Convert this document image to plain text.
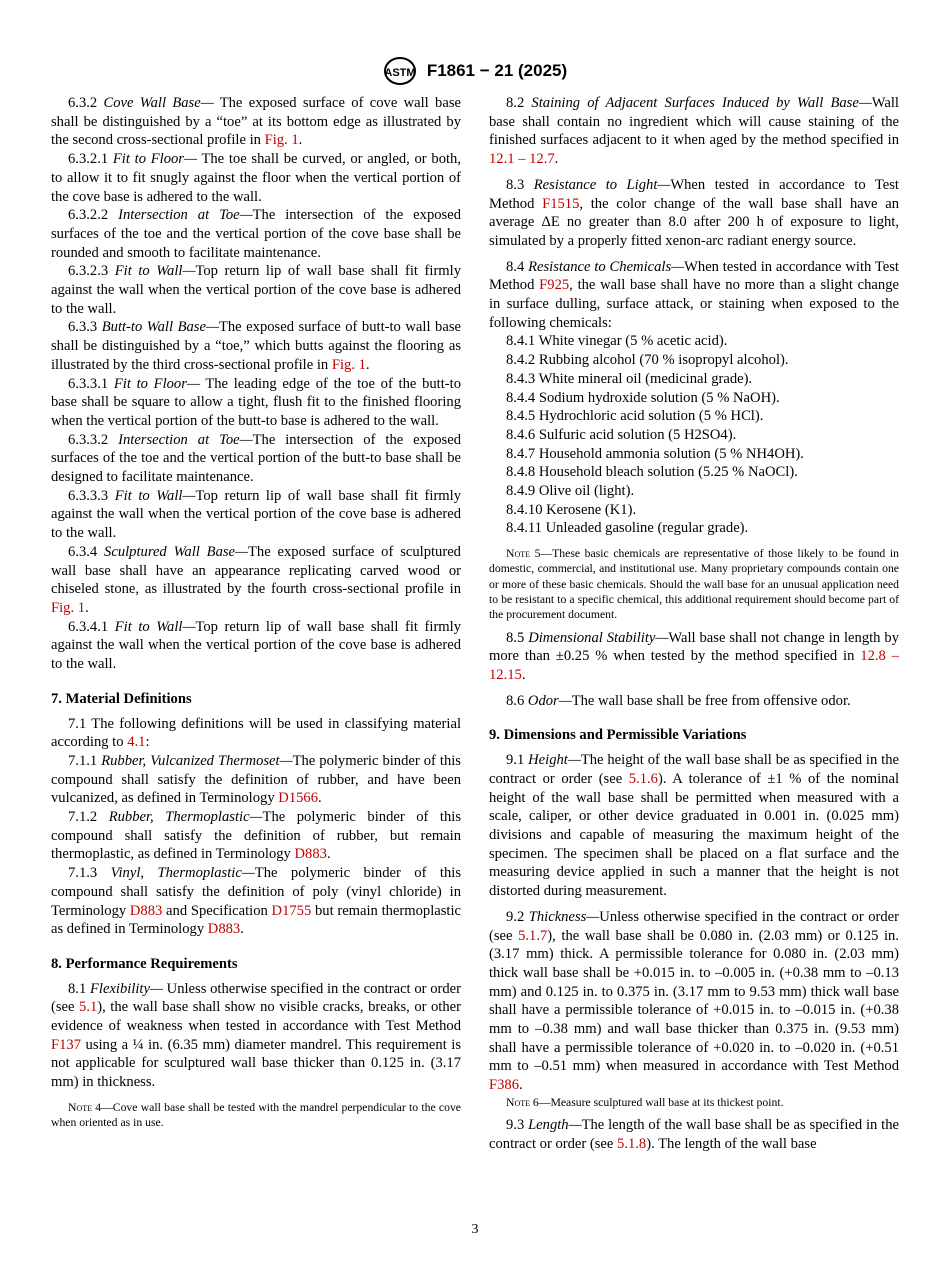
ASTM F1861 − 21 (2025)

6.3.2 Cove Wall Base— The exposed surface of cove wall base shall be distinguished by a “toe” at its bottom edge as illustrated by the second cross-sectional profile in Fig. 1.

6.3.2.1 Fit to Floor— The toe shall be curved, or angled, or both, to allow it to fit snugly against the floor when the vertical portion of the cove base is adhered to the wall.

6.3.2.2 Intersection at Toe—The intersection of the exposed surfaces of the toe and the vertical portion of the cove base shall be rounded and smooth to facilitate maintenance.

6.3.2.3 Fit to Wall—Top return lip of wall base shall fit firmly against the wall when the vertical portion of the cove base is adhered to the wall.

6.3.3 Butt-to Wall Base—The exposed surface of butt-to wall base shall be distinguished by a “toe,” which butts against the flooring as illustrated by the third cross-sectional profile in Fig. 1.

6.3.3.1 Fit to Floor— The leading edge of the toe of the butt-to base shall be square to allow a tight, flush fit to the finished flooring when the vertical portion of the butt-to base is adhered to the wall.

6.3.3.2 Intersection at Toe—The intersection of the exposed surfaces of the toe and the vertical portion of the butt-to base shall be designed to facilitate maintenance.

6.3.3.3 Fit to Wall—Top return lip of wall base shall fit firmly against the wall when the vertical portion of the cove base is adhered to the wall.

6.3.4 Sculptured Wall Base—The exposed surface of sculptured wall base shall have an appearance replicating carved wood or chiseled stone, as illustrated by the fourth cross-sectional profile in Fig. 1.

6.3.4.1 Fit to Wall—Top return lip of wall base shall fit firmly against the wall when the vertical portion of the cove base is adhered to the wall.

7. Material Definitions

7.1 The following definitions will be used in classifying material according to 4.1:

7.1.1 Rubber, Vulcanized Thermoset—The polymeric binder of this compound shall satisfy the definition of rubber, and have been vulcanized, as defined in Terminology D1566.

7.1.2 Rubber, Thermoplastic—The polymeric binder of this compound shall satisfy the definition of rubber, but remain thermoplastic, as defined in Terminology D883.

7.1.3 Vinyl, Thermoplastic—The polymeric binder of this compound shall satisfy the definition of poly (vinyl chloride) in Terminology D883 and Specification D1755 but remain thermoplastic as defined in Terminology D883.

8. Performance Requirements

8.1 Flexibility— Unless otherwise specified in the contract or order (see 5.1), the wall base shall show no visible cracks, breaks, or other evidence of weakness when tested in accordance with Test Method F137 using a ¼ in. (6.35 mm) diameter mandrel. This requirement is not applicable for sculptured wall base thicker than 0.125 in. (3.17 mm) in thickness.

Note 4—Cove wall base shall be tested with the mandrel perpendicular to the cove when oriented as in use.

8.2 Staining of Adjacent Surfaces Induced by Wall Base—Wall base shall contain no ingredient which will cause staining of the finished surfaces adjacent to it when aged by the method specified in 12.1 – 12.7.

8.3 Resistance to Light—When tested in accordance to Test Method F1515, the color change of the wall base shall have an average ΔE no greater than 8.0 after 200 h of exposure to light, simulated by a properly fitted xenon-arc radiant energy source.

8.4 Resistance to Chemicals—When tested in accordance with Test Method F925, the wall base shall have no more than a slight change in surface dulling, surface attack, or staining when exposed to the following chemicals:

8.4.1 White vinegar (5 % acetic acid).

8.4.2 Rubbing alcohol (70 % isopropyl alcohol).

8.4.3 White mineral oil (medicinal grade).

8.4.4 Sodium hydroxide solution (5 % NaOH).

8.4.5 Hydrochloric acid solution (5 % HCl).

8.4.6 Sulfuric acid solution (5 H2SO4).

8.4.7 Household ammonia solution (5 % NH4OH).

8.4.8 Household bleach solution (5.25 % NaOCl).

8.4.9 Olive oil (light).

8.4.10 Kerosene (K1).

8.4.11 Unleaded gasoline (regular grade).

Note 5—These basic chemicals are representative of those likely to be found in domestic, commercial, and institutional use. Many proprietary compounds contain one or more of these basic chemicals. Should the wall base for an unusual application need to be resistant to a specific chemical, this additional requirement should become part of the procurement document.

8.5 Dimensional Stability—Wall base shall not change in length by more than ±0.25 % when tested by the method specified in 12.8 – 12.15.

8.6 Odor—The wall base shall be free from offensive odor.

9. Dimensions and Permissible Variations

9.1 Height—The height of the wall base shall be as specified in the contract or order (see 5.1.6). A tolerance of ±1 % of the nominal height of the wall base shall be permitted when measured with a scale, caliper, or other device graduated in 0.001 in. (0.025 mm) divisions and capable of measuring the maximum height of the specimen. The specimen shall be placed on a flat surface and the measuring device applied in such a manner that the height is not distorted during measurement.

9.2 Thickness—Unless otherwise specified in the contract or order (see 5.1.7), the wall base shall be 0.080 in. (2.03 mm) or 0.125 in. (3.17 mm) thick. A permissible tolerance for 0.080 in. (2.03 mm) thick wall base shall be +0.015 in. to –0.005 in. (+0.38 mm to –0.13 mm) and 0.125 in. to 0.375 in. (3.17 mm to 9.53 mm) thick wall base shall have a permissible tolerance of +0.015 in. to –0.015 in. (+0.38 mm to –0.38 mm) and wall base thicker than 0.375 in. (9.53 mm) shall have a permissible tolerance of +0.020 in. to –0.020 in. (+0.51 mm to –0.51 mm) when measured in accordance with Test Method F386.

Note 6—Measure sculptured wall base at its thickest point.

9.3 Length—The length of the wall base shall be as specified in the contract or order (see 5.1.8). The length of the wall base

3
